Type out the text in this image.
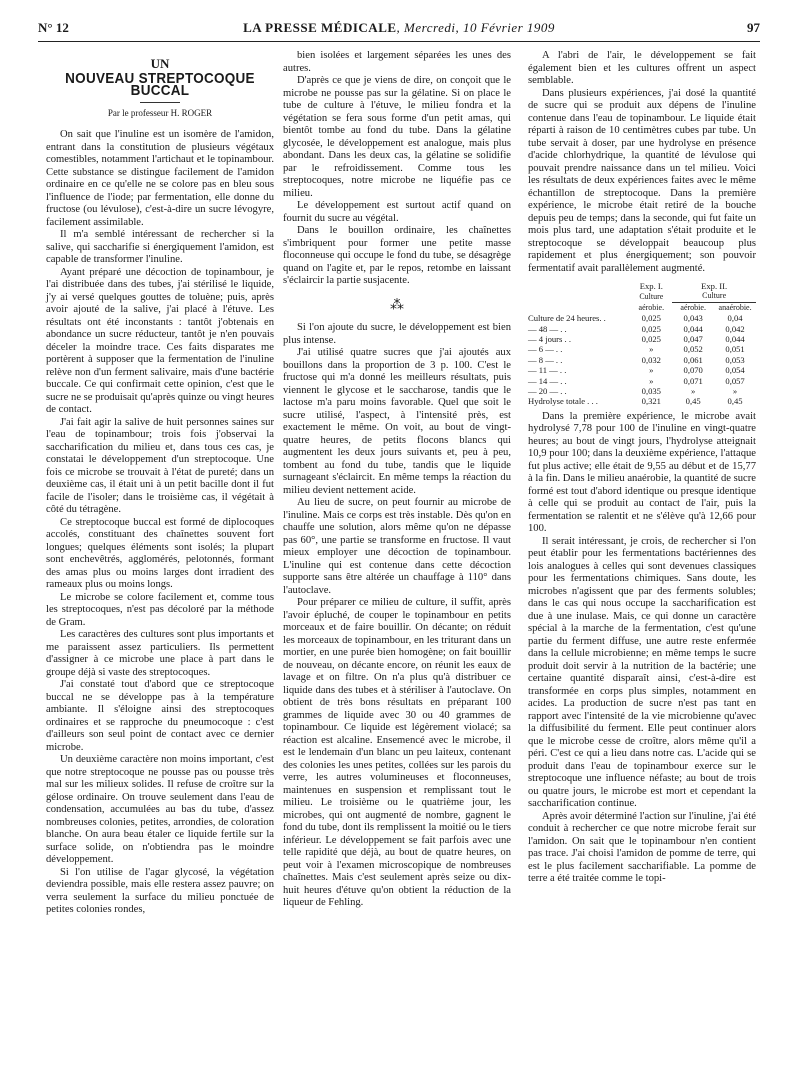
N° 12	LA PRESSE MÉDICALE, Mercredi, 10 Février 1909	97
UN
NOUVEAU STREPTOCOQUE BUCCAL
Par le professeur H. ROGER

On sait que l'inuline est un isomère de l'amidon, entrant dans la constitution de plusieurs végétaux comestibles, notamment l'artichaut et le topinambour. Cette substance se distingue facilement de l'amidon ordinaire en ce qu'elle ne se colore pas en bleu sous l'influence de l'iode; par fermentation, elle donne du fructose (ou lévulose), c'est-à-dire un sucre lévogyre, facilement assimilable.

Il m'a semblé intéressant de rechercher si la salive, qui saccharifie si énergiquement l'amidon, est capable de transformer l'inuline.

Ayant préparé une décoction de topinambour, je l'ai distribuée dans des tubes, j'ai stérilisé le liquide, j'y ai versé quelques gouttes de toluène; puis, après avoir ajouté de la salive, j'ai placé à l'étuve. Les résultats ont été inconstants : tantôt j'obtenais en abondance un sucre réducteur, tantôt je n'en pouvais déceler la moindre trace. Ces faits disparates me portèrent à supposer que la fermentation de l'inuline relève non d'un ferment salivaire, mais d'une bactérie buccale. Ce qui confirmait cette opinion, c'est que le sucre ne se produisait qu'après quinze ou vingt heures de contact.

J'ai fait agir la salive de huit personnes saines sur l'eau de topinambour; trois fois j'observai la saccharification du milieu et, dans tous ces cas, je constatai le développement d'un streptocoque. Une fois ce microbe se trouvait à l'état de pureté; dans un deuxième cas, il était uni à un petit bacille dont il fut facile de l'isoler; dans le troisième cas, il végétait à côté du tétragène.

Ce streptocoque buccal est formé de diplocoques accolés, constituant des chaînettes souvent fort longues; quelques éléments sont isolés; la plupart sont enchevêtrés, agglomérés, pelotonnés, formant des amas plus ou moins larges dont irradient des rameaux plus ou moins longs.

Le microbe se colore facilement et, comme tous les streptocoques, n'est pas décoloré par la méthode de Gram.

Les caractères des cultures sont plus importants et me paraissent assez particuliers. Ils permettent d'assigner à ce microbe une place à part dans le groupe déjà si vaste des streptocoques.

J'ai constaté tout d'abord que ce streptocoque buccal ne se développe pas à la température ambiante. Il s'éloigne ainsi des streptocoques ordinaires et se rapproche du pneumocoque : c'est d'ailleurs son seul point de contact avec ce dernier microbe.

Un deuxième caractère non moins important, c'est que notre streptocoque ne pousse pas ou pousse très mal sur les milieux solides. Il refuse de croître sur la gélose ordinaire. On trouve seulement dans l'eau de condensation, accumulées au bas du tube, d'assez nombreuses colonies, petites, arrondies, de coloration blanche. On aura beau étaler ce liquide fertile sur la surface solide, on n'obtiendra pas le moindre développement.

Si l'on utilise de l'agar glycosé, la végétation deviendra possible, mais elle restera assez pauvre; on verra seulement la surface du milieu ponctuée de petites colonies rondes,

bien isolées et largement séparées les unes des autres.

D'après ce que je viens de dire, on conçoit que le microbe ne pousse pas sur la gélatine. Si on place le tube de culture à l'étuve, le milieu fondra et la végétation se fera sous forme d'un petit amas, qui bientôt tombe au fond du tube. Dans la gélatine glycosée, le développement est analogue, mais plus abondant. Dans les deux cas, la gélatine se solidifie par le refroidissement. Comme tous les streptocoques, notre microbe ne liquéfie pas ce milieu.

Le développement est surtout actif quand on fournit du sucre au végétal.

Dans le bouillon ordinaire, les chaînettes s'imbriquent pour former une petite masse floconneuse qui occupe le fond du tube, se désagrège quand on l'agite et, par le repos, retombe en laissant s'éclaircir la partie susjacente.

⁂

Si l'on ajoute du sucre, le développement est bien plus intense.

J'ai utilisé quatre sucres que j'ai ajoutés aux bouillons dans la proportion de 3 p. 100. C'est le fructose qui m'a donné les meilleurs résultats, puis viennent le glycose et le saccharose, tandis que le lactose m'a paru moins favorable. Quel que soit le sucre utilisé, l'aspect, à l'intensité près, est exactement le même. On voit, au bout de vingt-quatre heures, de petits flocons blancs qui augmentent les deux jours suivants et, peu à peu, tombent au fond du tube, tandis que le liquide surnageant s'éclaircit. En même temps la réaction du milieu devient nettement acide.

Au lieu de sucre, on peut fournir au microbe de l'inuline. Mais ce corps est très instable. Dès qu'on en chauffe une solution, alors même qu'on ne dépasse pas 60°, une partie se transforme en fructose. Il vaut mieux employer une décoction de topinambour. L'inuline qui est contenue dans cette décoction supporte sans être altérée un chauffage à 110° dans l'autoclave.

Pour préparer ce milieu de culture, il suffit, après l'avoir épluché, de couper le topinambour en petits morceaux et de faire bouillir. On décante; on réduit les morceaux de topinambour, en les triturant dans un mortier, en une purée bien homogène; on fait bouillir de nouveau, on décante encore, on réunit les eaux de lavage et on filtre. On n'a plus qu'à distribuer ce liquide dans des tubes et à stériliser à l'autoclave. On obtient de très bons résultats en préparant 100 grammes de liquide avec 30 ou 40 grammes de topinambour. Ce liquide est légèrement violacé; sa réaction est alcaline. Ensemencé avec le microbe, il est le lendemain d'un blanc un peu laiteux, contenant des colonies les unes petites, collées sur les parois du verre, les autres volumineuses et floconneuses, maintenues en suspension et remplissant tout le milieu. Le troisième ou le quatrième jour, les microbes, qui ont augmenté de nombre, gagnent le fond du tube, dont ils remplissent la moitié ou le tiers inférieur. Le développement se fait parfois avec une telle rapidité que déjà, au bout de quatre heures, on peut voir à l'examen microscopique de nombreuses chaînettes. Mais c'est seulement après seize ou dix-huit heures d'étuve qu'on obtient la réduction de la liqueur de Fehling.

A l'abri de l'air, le développement se fait également bien et les cultures offrent un aspect semblable.

Dans plusieurs expériences, j'ai dosé la quantité de sucre qui se produit aux dépens de l'inuline contenue dans l'eau de topinambour. Le liquide était réparti à raison de 10 centimètres cubes par tube. Un tube servait à doser, par une hydrolyse en présence d'acide chlorhydrique, la quantité de lévulose qui pouvait prendre naissance dans un tel milieu. Voici les résultats de deux expériences faites avec le même échantillon de streptocoque. Dans la première expérience, le microbe était retiré de la bouche depuis peu de temps; dans la seconde, qui fut faite un mois plus tard, une adaptation s'était produite et le streptocoque se développait beaucoup plus rapidement et plus énergiquement; son pouvoir fermentatif avait parallèlement augmenté.

	Exp. I.	Exp. II.	
	Culture	Culture	
	aérobie.	aérobie.	anaérobie.
Culture de 24 heures. .	0,025	0,043	0,04
— 48 — . .	0,025	0,044	0,042
— 4 jours . .	0,025	0,047	0,044
— 6 — . .	»	0,052	0,051
— 8 — . .	0,032	0,061	0,053
— 11 — . .	»	0,070	0,054
— 14 — . .	»	0,071	0,057
— 20 — . .	0,035	»	»
Hydrolyse totale . . .	0,321	0,45	0,45

Dans la première expérience, le microbe avait hydrolysé 7,78 pour 100 de l'inuline en vingt-quatre heures; au bout de vingt jours, l'hydrolyse atteignait 10,9 pour 100; dans la deuxième expérience, l'attaque fut plus active; elle était de 9,55 au début et de 15,77 à la fin. Dans le milieu anaérobie, la quantité de sucre formé est tout d'abord identique ou presque identique à celle qui se produit au contact de l'air, puis la fermentation se ralentit et ne s'élève qu'à 12,66 pour 100.

Il serait intéressant, je crois, de rechercher si l'on peut établir pour les fermentations bactériennes des lois analogues à celles qui sont devenues classiques pour les fermentations chimiques. Sans doute, les microbes n'agissent que par des ferments solubles; dans le cas qui nous occupe la saccharification est due à une inulase. Mais, ce qui donne un caractère spécial à la marche de la fermentation, c'est qu'une partie du ferment diffuse, une autre reste enfermée dans la cellule microbienne; en même temps le sucre produit doit servir à la nutrition de la bactérie; une certaine quantité disparaît ainsi, c'est-à-dire est transformée en corps plus simples, notamment en acides. La production de sucre n'est pas tant en rapport avec l'intensité de la vie microbienne qu'avec la diffusibilité du ferment. Elle peut continuer alors que le microbe cesse de croître, alors même qu'il a péri. C'est ce qui a lieu dans notre cas. L'acide qui se produit dans l'eau de topinambour exerce sur le streptocoque une influence néfaste; au bout de trois ou quatre jours, le microbe est mort et cependant la saccharification continue.

Après avoir déterminé l'action sur l'inuline, j'ai été conduit à rechercher ce que notre microbe ferait sur l'amidon. On sait que le topinambour n'en contient pas trace. J'ai choisi l'amidon de pomme de terre, qui est le plus facilement saccharifiable. La pomme de terre a été traitée comme le topi-
